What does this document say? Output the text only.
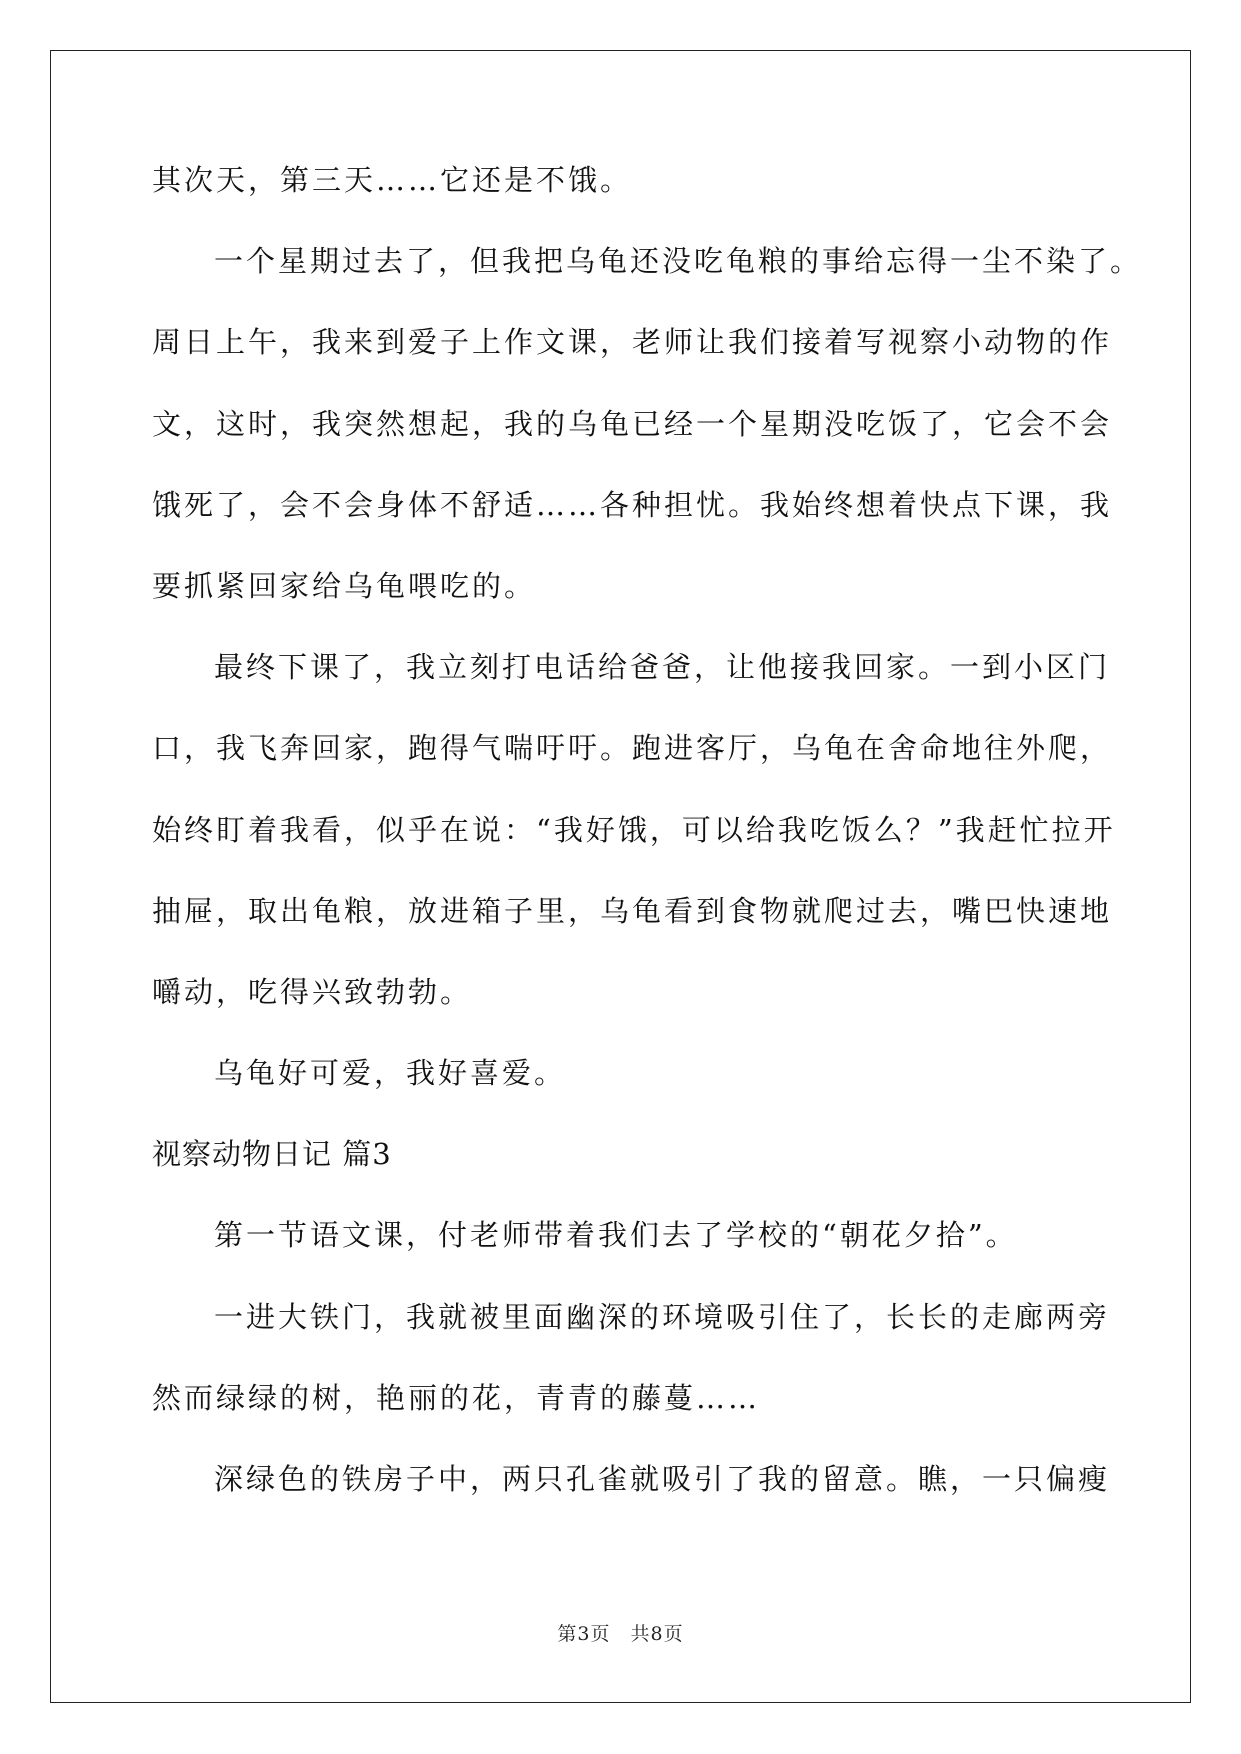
其次天，第三天……它还是不饿。
一个星期过去了，但我把乌龟还没吃龟粮的事给忘得一尘不染了。
周日上午，我来到爱子上作文课，老师让我们接着写视察小动物的作
文，这时，我突然想起，我的乌龟已经一个星期没吃饭了，它会不会
饿死了，会不会身体不舒适……各种担忧。我始终想着快点下课，我
要抓紧回家给乌龟喂吃的。
最终下课了，我立刻打电话给爸爸，让他接我回家。一到小区门
口，我飞奔回家，跑得气喘吁吁。跑进客厅，乌龟在舍命地往外爬，
始终盯着我看，似乎在说：“我好饿，可以给我吃饭么？”我赶忙拉开
抽屉，取出龟粮，放进箱子里，乌龟看到食物就爬过去，嘴巴快速地
嚼动，吃得兴致勃勃。
乌龟好可爱，我好喜爱。
视察动物日记 篇3
第一节语文课，付老师带着我们去了学校的“朝花夕拾”。
一进大铁门，我就被里面幽深的环境吸引住了，长长的走廊两旁
然而绿绿的树，艳丽的花，青青的藤蔓……
深绿色的铁房子中，两只孔雀就吸引了我的留意。瞧，一只偏瘦
第3页　共8页
